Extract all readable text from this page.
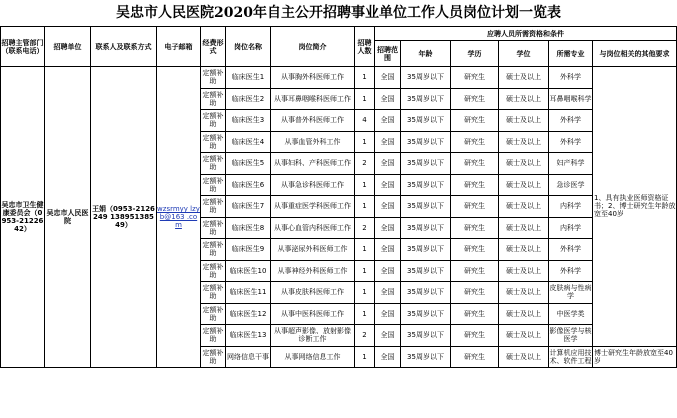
吴忠市人民医院2020年自主公开招聘事业单位工作人员岗位计划一览表
招聘主管部门（联系电话）	招聘单位	联系人及联系方式	电子邮箱	经费形式	岗位名称	岗位简介	招聘人数	应聘人员所需资格和条件					
								招聘范围	年龄	学历	学位	所需专业	与岗位相关的其他要求
吴忠市卫生健康委员会（0953-2122642）	吴忠市人民医院	王娟（0953-2126249 13895138549）	wzsrmyy lzyb@163 .com	定额补助	临床医生1	从事胸外科医师工作	1	全国	35周岁以下	研究生	硕士及以上	外科学	1、具有执业医师资格证书；2、博士研究生年龄放宽至40岁
				定额补助	临床医生2	从事耳鼻咽喉科医师工作	1	全国	35周岁以下	研究生	硕士及以上	耳鼻咽喉科学	
				定额补助	临床医生3	从事普外科医师工作	4	全国	35周岁以下	研究生	硕士及以上	外科学	
				定额补助	临床医生4	从事血管外科工作	1	全国	35周岁以下	研究生	硕士及以上	外科学	
				定额补助	临床医生5	从事妇科、产科医师工作	2	全国	35周岁以下	研究生	硕士及以上	妇产科学	
				定额补助	临床医生6	从事急诊科医师工作	1	全国	35周岁以下	研究生	硕士及以上	急诊医学	
				定额补助	临床医生7	从事重症医学科医师工作	1	全国	35周岁以下	研究生	硕士及以上	内科学	
				定额补助	临床医生8	从事心血管内科医师工作	2	全国	35周岁以下	研究生	硕士及以上	内科学	
				定额补助	临床医生9	从事泌尿外科医师工作	1	全国	35周岁以下	研究生	硕士及以上	外科学	
				定额补助	临床医生10	从事神经外科医师工作	1	全国	35周岁以下	研究生	硕士及以上	外科学	
				定额补助	临床医生11	从事皮肤科医师工作	1	全国	35周岁以下	研究生	硕士及以上	皮肤病与性病学	
				定额补助	临床医生12	从事中医科医师工作	1	全国	35周岁以下	研究生	硕士及以上	中医学类	
				定额补助	临床医生13	从事超声影像、放射影像诊断工作	2	全国	35周岁以下	研究生	硕士及以上	影像医学与核医学	
				定额补助	网络信息干事	从事网络信息工作	1	全国	35周岁以下	研究生	硕士及以上	计算机应用技术、软件工程	博士研究生年龄放宽至40岁
